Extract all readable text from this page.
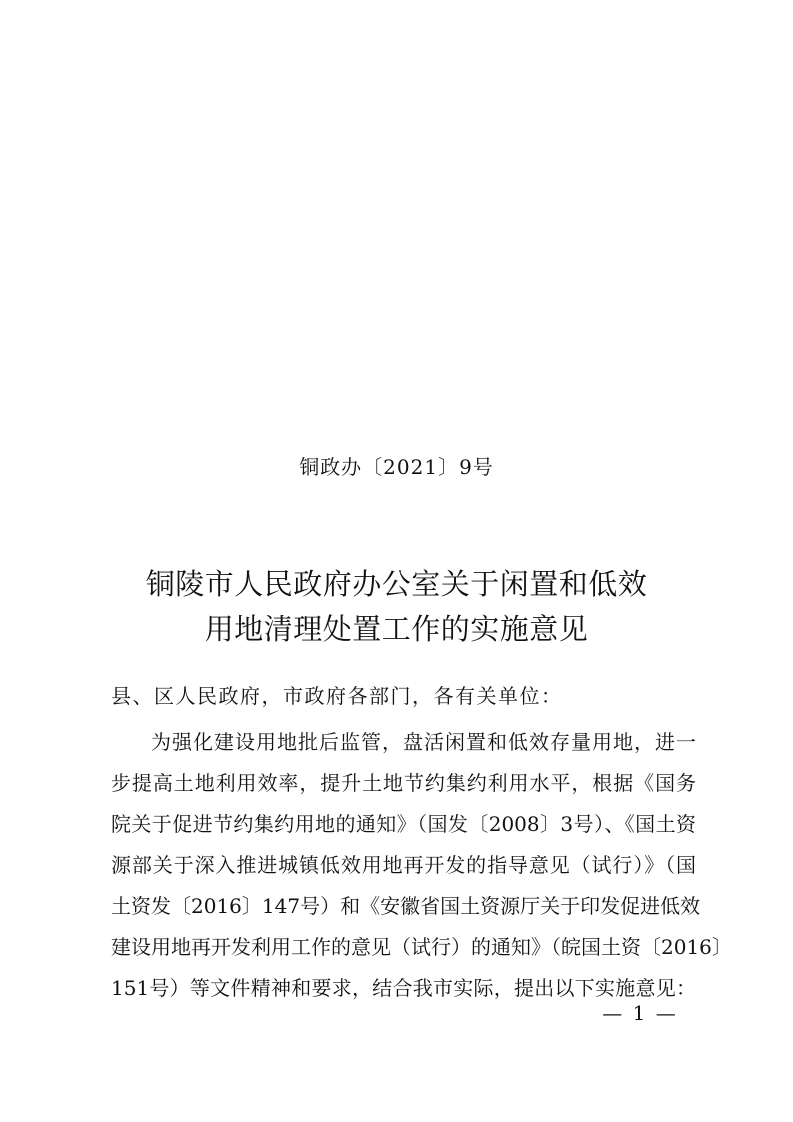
铜政办〔2021〕9号
铜陵市人民政府办公室关于闲置和低效
用地清理处置工作的实施意见
县、区人民政府，市政府各部门，各有关单位：
为强化建设用地批后监管，盘活闲置和低效存量用地，进一
步提高土地利用效率，提升土地节约集约利用水平，根据《国务
院关于促进节约集约用地的通知》（国发〔2008〕3号）、《国土资
源部关于深入推进城镇低效用地再开发的指导意见（试行）》（国
土资发〔2016〕147号）和《安徽省国土资源厅关于印发促进低效
建设用地再开发利用工作的意见（试行）的通知》（皖国土资〔2016〕
151号）等文件精神和要求，结合我市实际，提出以下实施意见：
— 1 —
